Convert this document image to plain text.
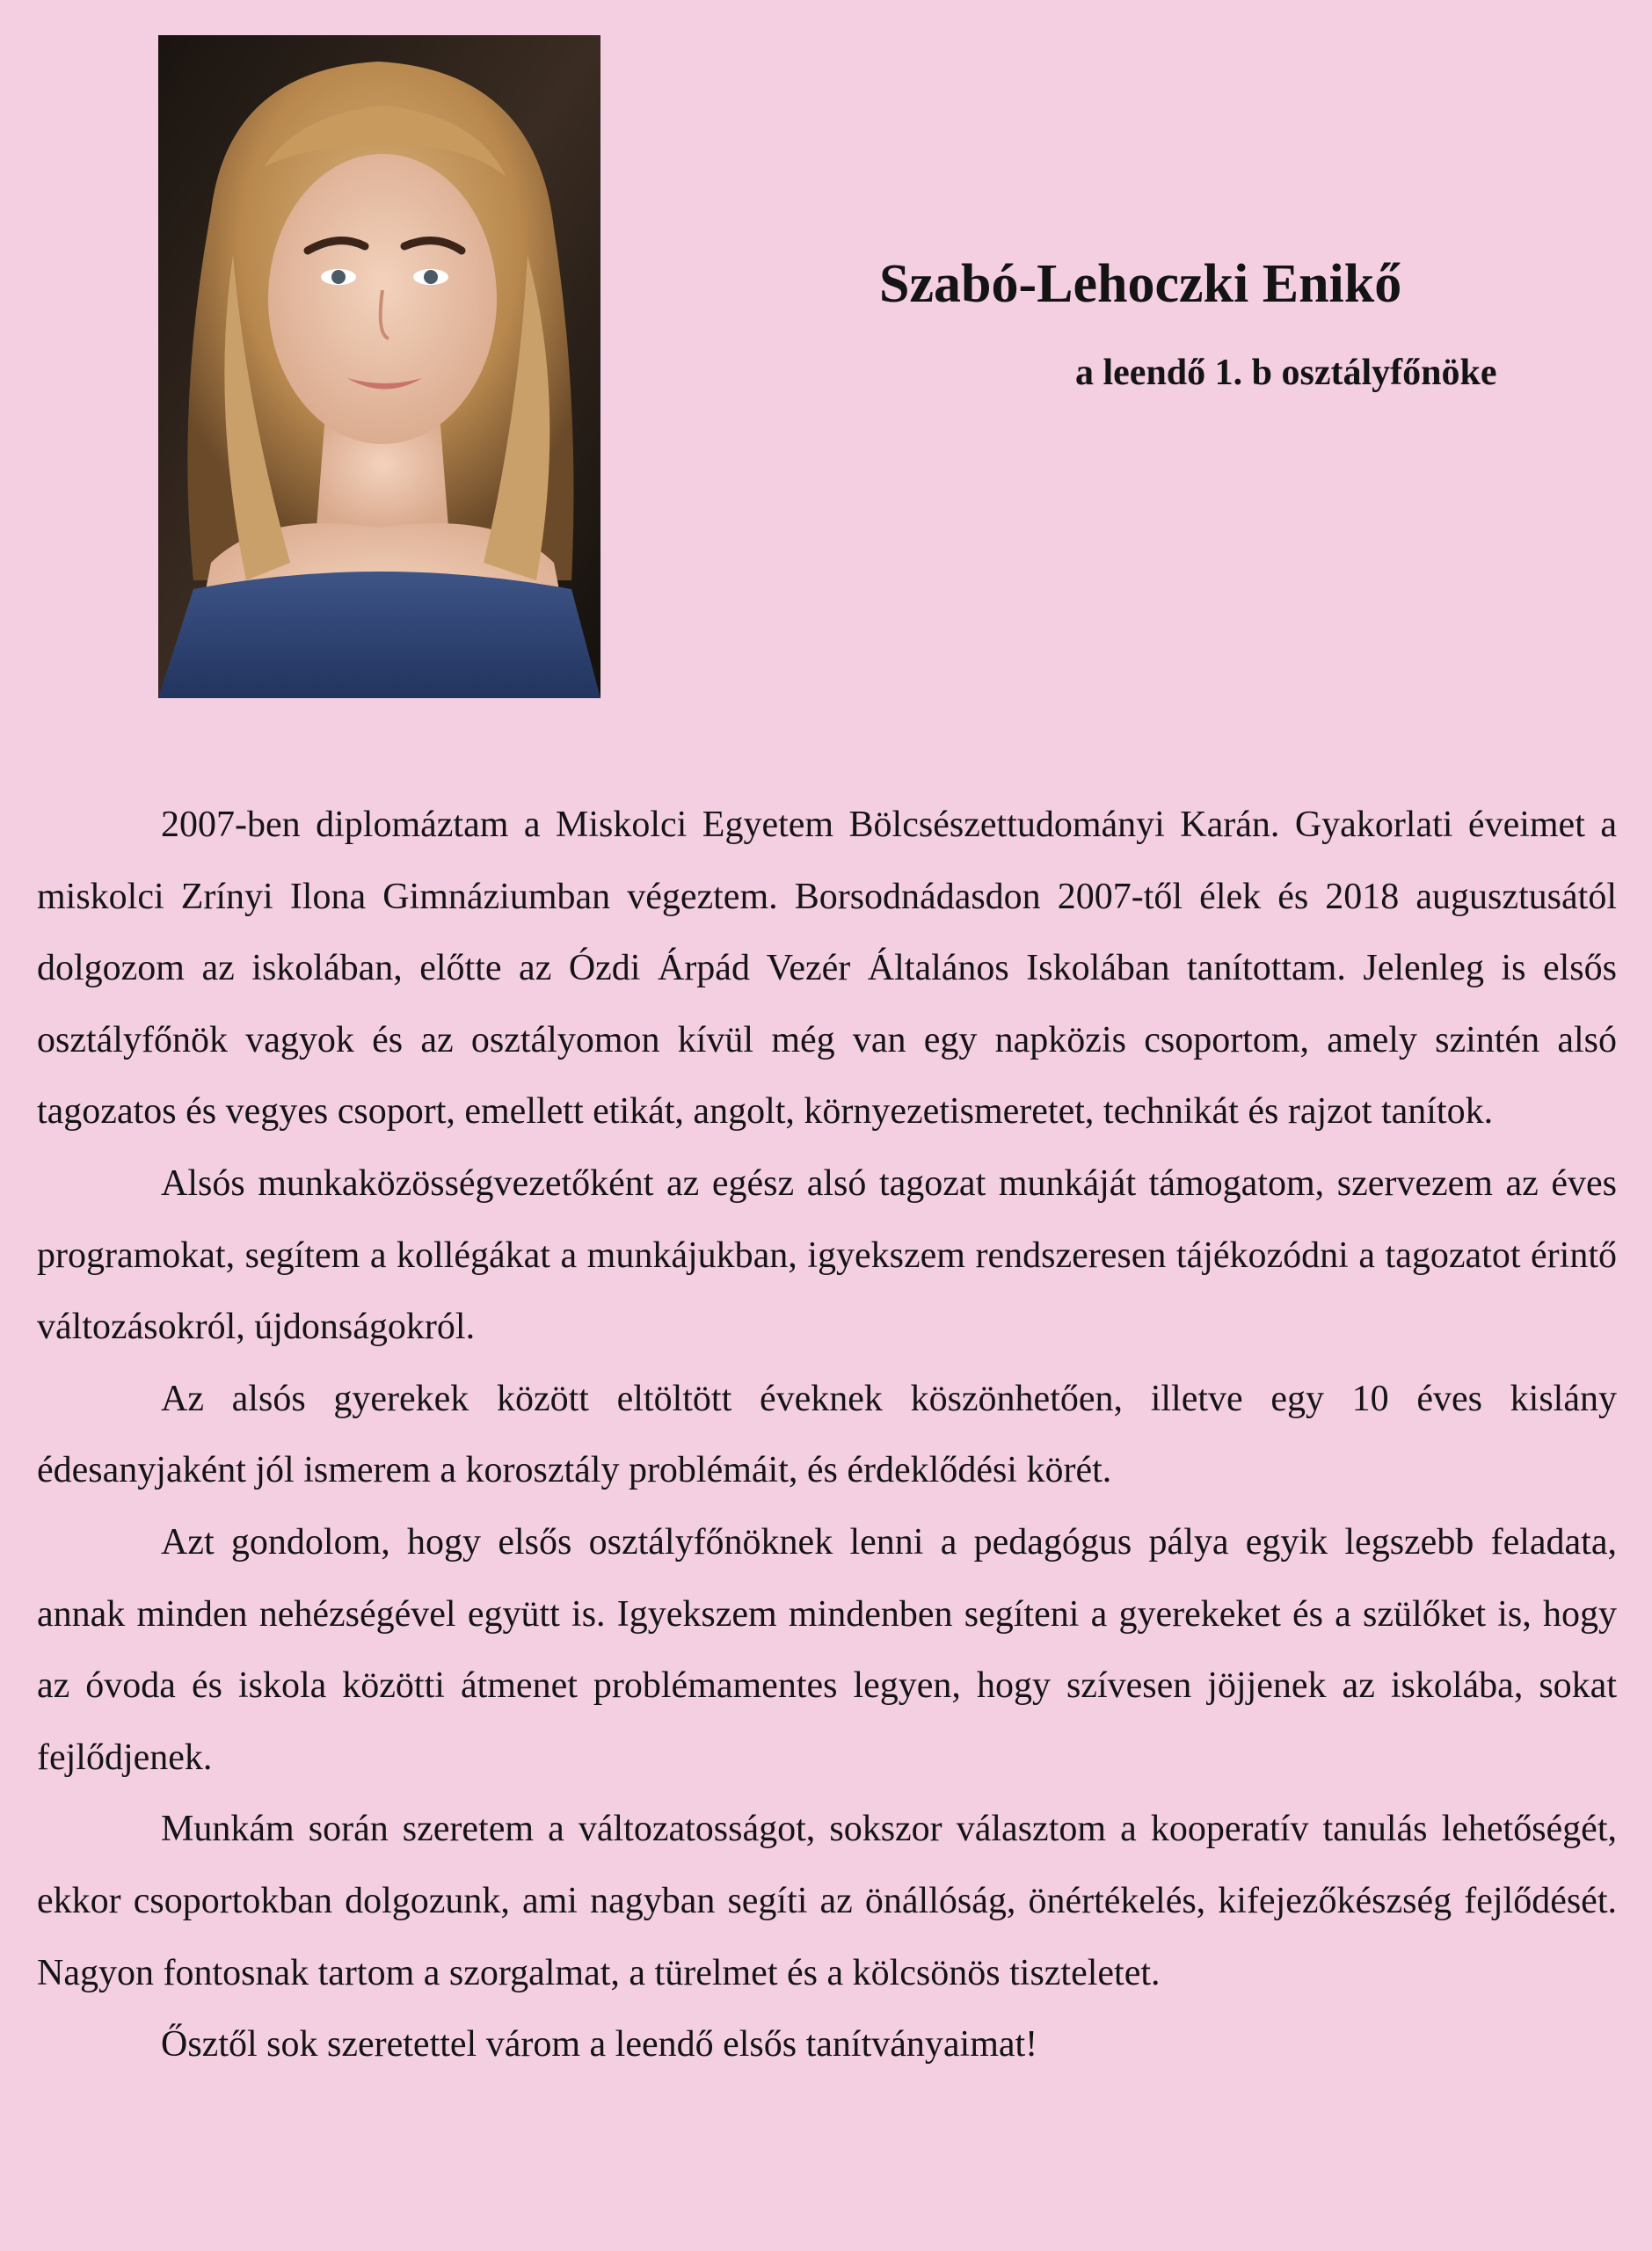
Szabó-Lehoczki Enikő
a leendő 1. b osztályfőnöke

2007-ben diplomáztam a Miskolci Egyetem Bölcsészettudományi Karán. Gyakorlati éveimet a miskolci Zrínyi Ilona Gimnáziumban végeztem. Borsodnádasdon 2007-től élek és 2018 augusztusától dolgozom az iskolában, előtte az Ózdi Árpád Vezér Általános Iskolában tanítottam. Jelenleg is elsős osztályfőnök vagyok és az osztályomon kívül még van egy napközis csoportom, amely szintén alsó tagozatos és vegyes csoport, emellett etikát, angolt, környezetismeretet, technikát és rajzot tanítok.

Alsós munkaközösségvezetőként az egész alsó tagozat munkáját támogatom, szervezem az éves programokat, segítem a kollégákat a munkájukban, igyekszem rendszeresen tájékozódni a tagozatot érintő változásokról, újdonságokról.

Az alsós gyerekek között eltöltött éveknek köszönhetően, illetve egy 10 éves kislány édesanyjaként jól ismerem a korosztály problémáit, és érdeklődési körét.

Azt gondolom, hogy elsős osztályfőnöknek lenni a pedagógus pálya egyik legszebb feladata, annak minden nehézségével együtt is. Igyekszem mindenben segíteni a gyerekeket és a szülőket is, hogy az óvoda és iskola közötti átmenet problémamentes legyen, hogy szívesen jöjjenek az iskolába, sokat fejlődjenek.

Munkám során szeretem a változatosságot, sokszor választom a kooperatív tanulás lehetőségét, ekkor csoportokban dolgozunk, ami nagyban segíti az önállóság, önértékelés, kifejezőkészség fejlődését. Nagyon fontosnak tartom a szorgalmat, a türelmet és a kölcsönös tiszteletet.

Ősztől sok szeretettel várom a leendő elsős tanítványaimat!
